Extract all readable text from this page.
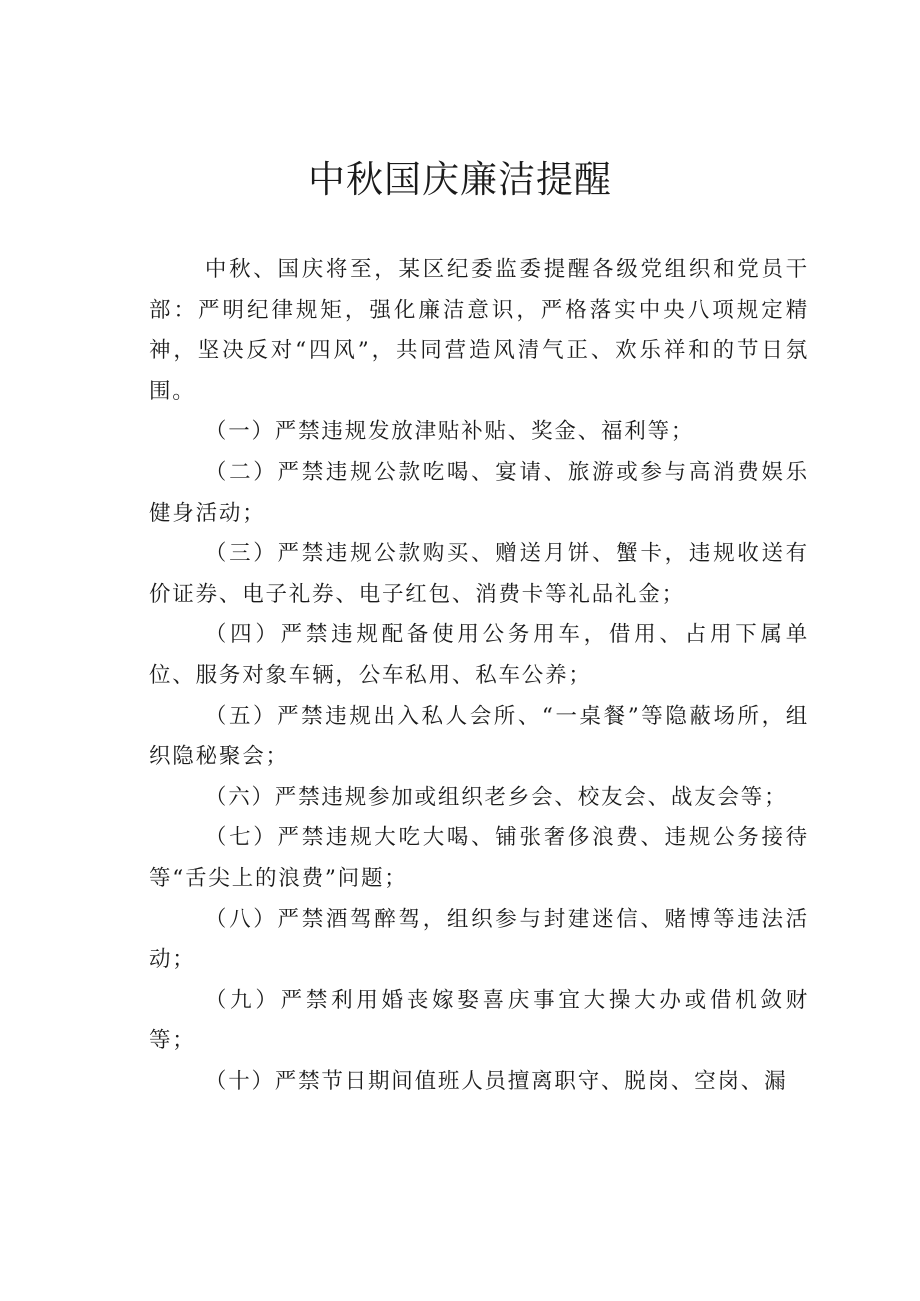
中秋国庆廉洁提醒

中秋、国庆将至，某区纪委监委提醒各级党组织和党员干部：严明纪律规矩，强化廉洁意识，严格落实中央八项规定精神，坚决反对“四风”，共同营造风清气正、欢乐祥和的节日氛围。

（一）严禁违规发放津贴补贴、奖金、福利等；

（二）严禁违规公款吃喝、宴请、旅游或参与高消费娱乐健身活动；

（三）严禁违规公款购买、赠送月饼、蟹卡，违规收送有价证券、电子礼券、电子红包、消费卡等礼品礼金；

（四）严禁违规配备使用公务用车，借用、占用下属单位、服务对象车辆，公车私用、私车公养；

（五）严禁违规出入私人会所、“一桌餐”等隐蔽场所，组织隐秘聚会；

（六）严禁违规参加或组织老乡会、校友会、战友会等；

（七）严禁违规大吃大喝、铺张奢侈浪费、违规公务接待等“舌尖上的浪费”问题；

（八）严禁酒驾醉驾，组织参与封建迷信、赌博等违法活动；

（九）严禁利用婚丧嫁娶喜庆事宜大操大办或借机敛财等；

（十）严禁节日期间值班人员擅离职守、脱岗、空岗、漏
